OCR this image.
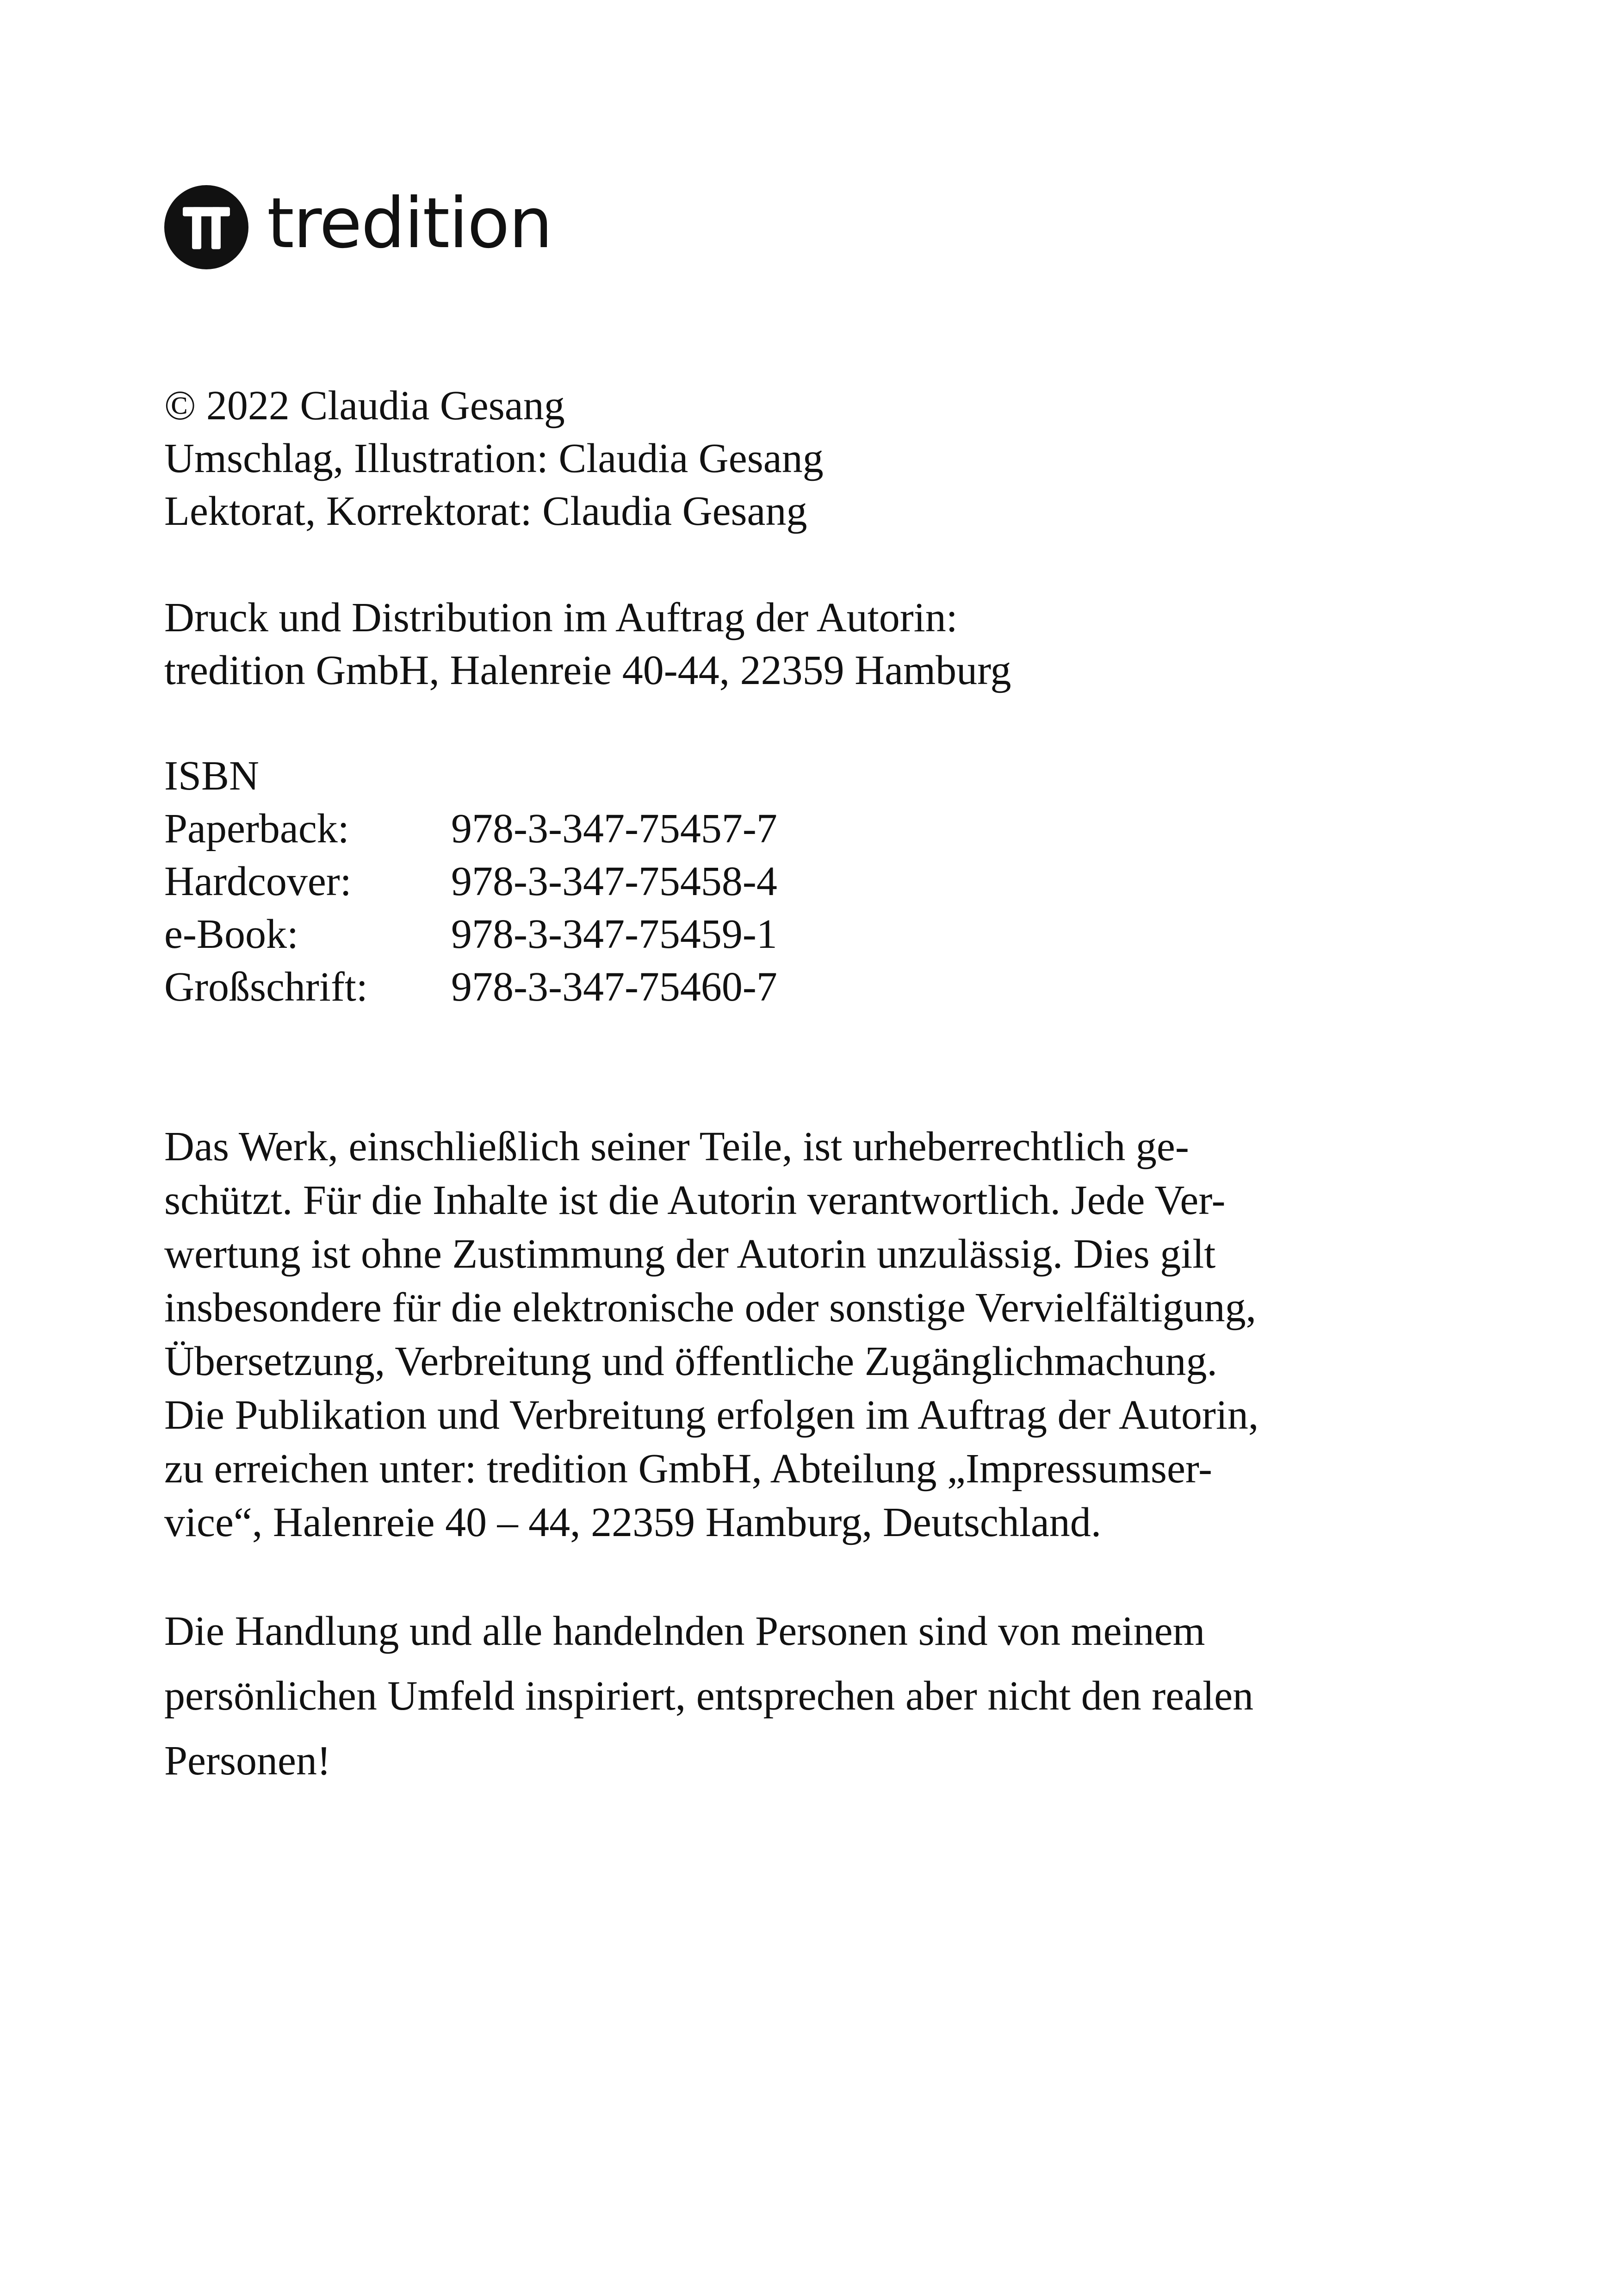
tredition
© 2022 Claudia Gesang
Umschlag, Illustration: Claudia Gesang
Lektorat, Korrektorat: Claudia Gesang
Druck und Distribution im Auftrag der Autorin:
tredition GmbH, Halenreie 40-44, 22359 Hamburg
ISBN
Paperback: 978-3-347-75457-7
Hardcover: 978-3-347-75458-4
e-Book:	978-3-347-75459-1
Großschrift: 978-3-347-75460-7
Das Werk, einschließlich seiner Teile, ist urheberrechtlich ge-
schützt. Für die Inhalte ist die Autorin verantwortlich. Jede Ver-
wertung ist ohne Zustimmung der Autorin unzulässig. Dies gilt
insbesondere für die elektronische oder sonstige Vervielfältigung,
Übersetzung, Verbreitung und öffentliche Zugänglichmachung.
Die Publikation und Verbreitung erfolgen im Auftrag der Autorin,
zu erreichen unter: tredition GmbH, Abteilung „Impressumser-
vice“, Halenreie 40 – 44, 22359 Hamburg, Deutschland.
Die Handlung und alle handelnden Personen sind von meinem
persönlichen Umfeld inspiriert, entsprechen aber nicht den realen
Personen!
